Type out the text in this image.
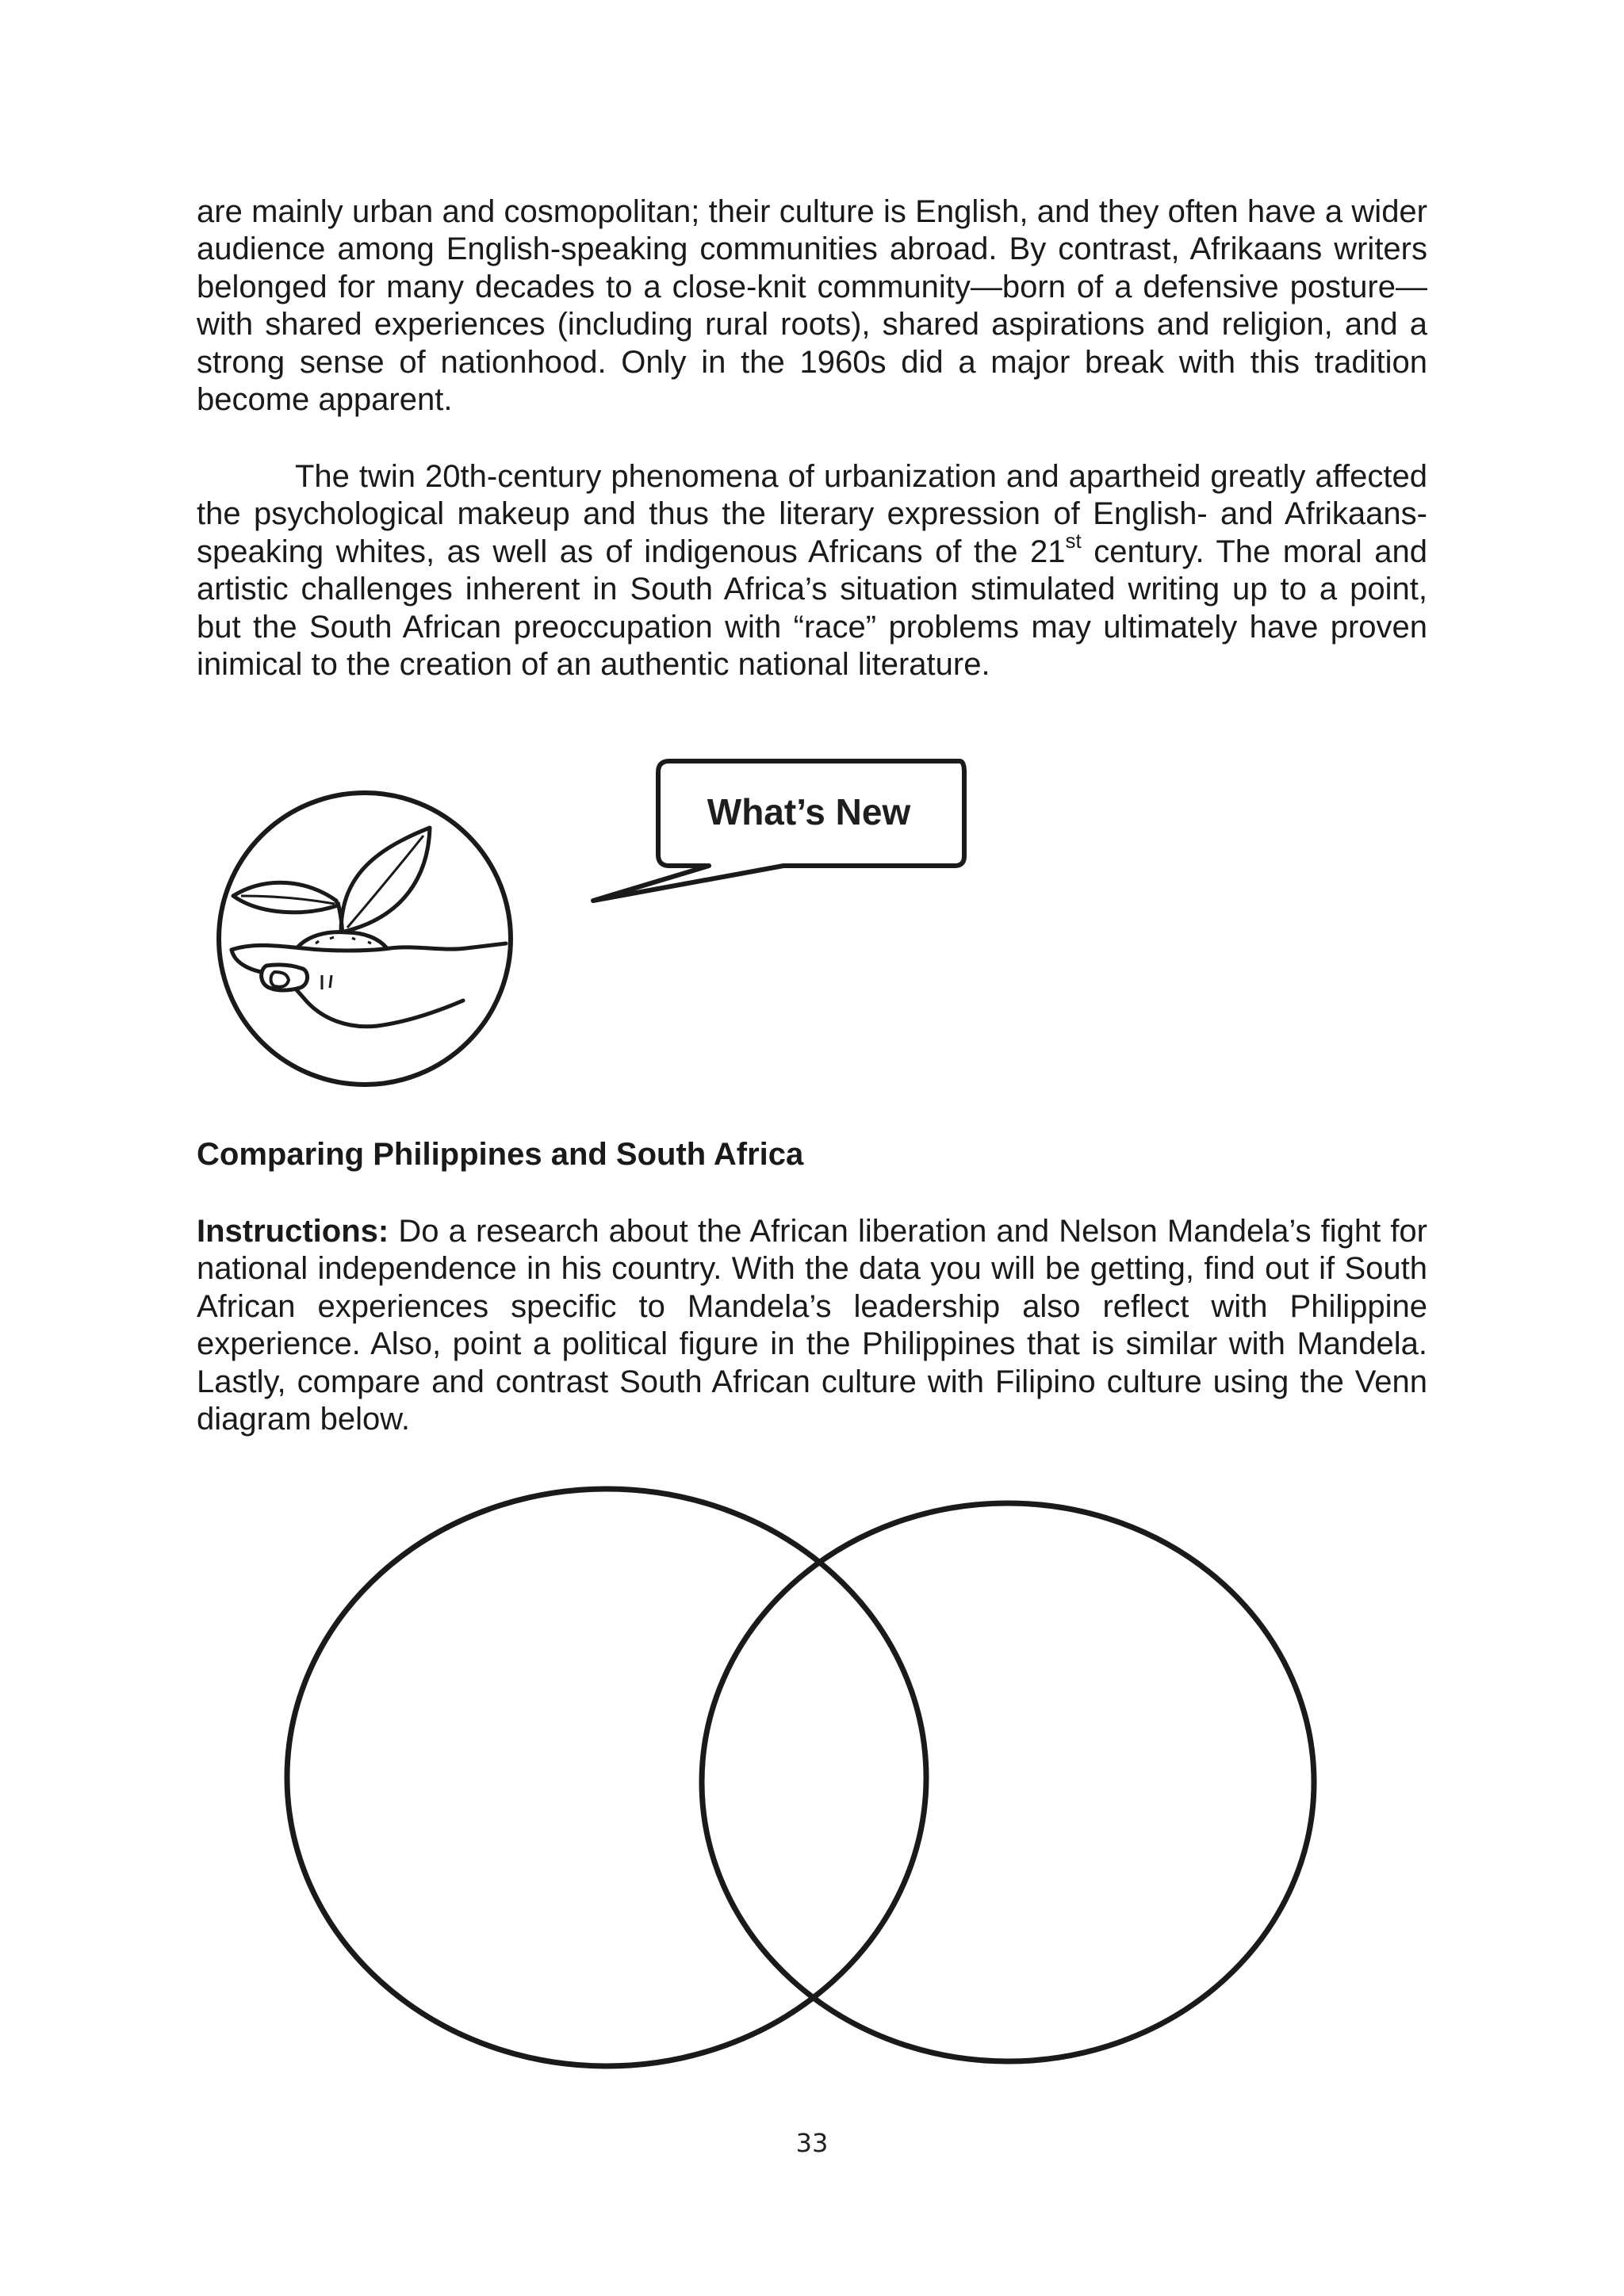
are mainly urban and cosmopolitan; their culture is English, and they often have a wider audience among English-speaking communities abroad. By contrast, Afrikaans writers belonged for many decades to a close-knit community—born of a defensive posture—with shared experiences (including rural roots), shared aspirations and religion, and a strong sense of nationhood. Only in the 1960s did a major break with this tradition become apparent.

The twin 20th-century phenomena of urbanization and apartheid greatly affected the psychological makeup and thus the literary expression of English- and Afrikaans-speaking whites, as well as of indigenous Africans of the 21st century. The moral and artistic challenges inherent in South Africa’s situation stimulated writing up to a point, but the South African preoccupation with “race” problems may ultimately have proven inimical to the creation of an authentic national literature.

What’s New
Comparing Philippines and South Africa

Instructions: Do a research about the African liberation and Nelson Mandela’s fight for national independence in his country. With the data you will be getting, find out if South African experiences specific to Mandela’s leadership also reflect with Philippine experience. Also, point a political figure in the Philippines that is similar with Mandela. Lastly, compare and contrast South African culture with Filipino culture using the Venn diagram below.

33
